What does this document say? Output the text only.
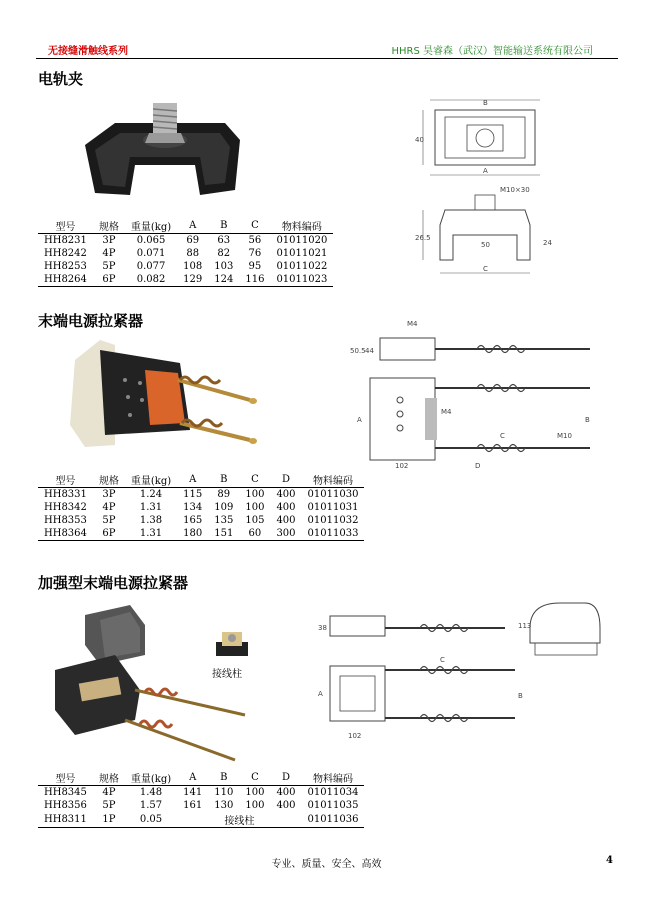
无接缝滑触线系列	HHRS 昊睿森（武汉）智能输送系统有限公司
电轨夹
B
40
A
M10×30
26.5
50	24
C
型号	规格	重量(kg)	A	B	C	物料编码
HH8231	3P	0.065	69	63	56	01011020
HH8242	4P	0.071	88	82	76	01011021
HH8253	5P	0.077	108	103	95	01011022
HH8264	6P	0.082	129	124	116	01011023
末端电源拉紧器	M4
50.5 44
M4
A	B
C	M10
102	D
型号	规格	重量(kg)	A	B	C	D	物料编码
HH8331	3P	1.24	115	89	100	400	01011030
HH8342	4P	1.31	134	109	100	400	01011031
HH8353	5P	1.38	165	135	105	400	01011032
HH8364	6P	1.31	180	151	60	300	01011033
加强型末端电源拉紧器
接线柱
38	113
C
A	B
102
型号	规格	重量(kg)	A	B	C	D	物料编码
HH8345	4P	1.48	141	110	100	400	01011034
HH8356	5P	1.57	161	130	100	400	01011035
HH8311	1P	0.05	接线柱				01011036
专业、质量、安全、高效	4
